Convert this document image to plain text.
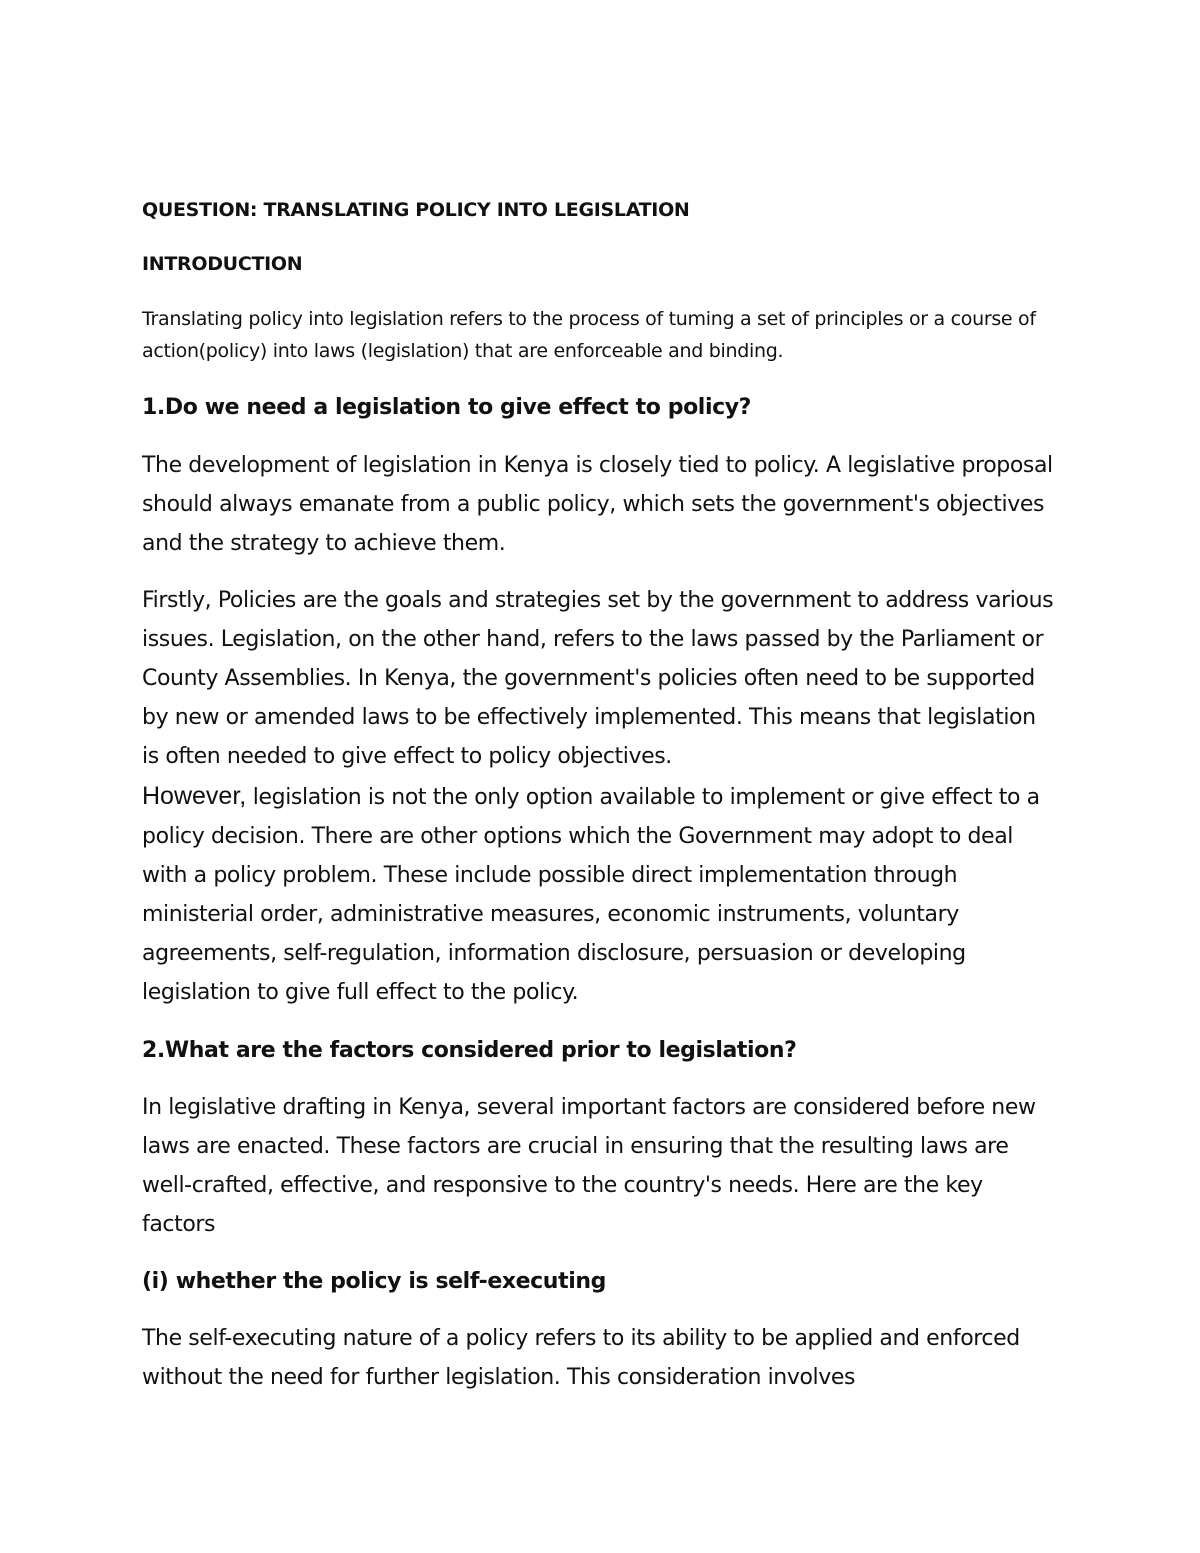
QUESTION: TRANSLATING POLICY INTO LEGISLATION

INTRODUCTION

Translating policy into legislation refers to the process of tuming a set of principles or a course of action(policy) into laws (legislation) that are enforceable and binding.

1.Do we need a legislation to give effect to policy?

The development of legislation in Kenya is closely tied to policy. A legislative proposal should always emanate from a public policy, which sets the government's objectives and the strategy to achieve them.

Firstly, Policies are the goals and strategies set by the government to address various issues. Legislation, on the other hand, refers to the laws passed by the Parliament or County Assemblies. In Kenya, the government's policies often need to be supported by new or amended laws to be effectively implemented. This means that legislation is often needed to give effect to policy objectives.

However, legislation is not the only option available to implement or give effect to a policy decision. There are other options which the Government may adopt to deal with a policy problem. These include possible direct implementation through ministerial order, administrative measures, economic instruments, voluntary agreements, self-regulation, information disclosure, persuasion or developing legislation to give full effect to the policy.

2.What are the factors considered prior to legislation?

In legislative drafting in Kenya, several important factors are considered before new laws are enacted. These factors are crucial in ensuring that the resulting laws are well-crafted, effective, and responsive to the country's needs. Here are the key factors

(i) whether the policy is self-executing

The self-executing nature of a policy refers to its ability to be applied and enforced without the need for further legislation. This consideration involves
